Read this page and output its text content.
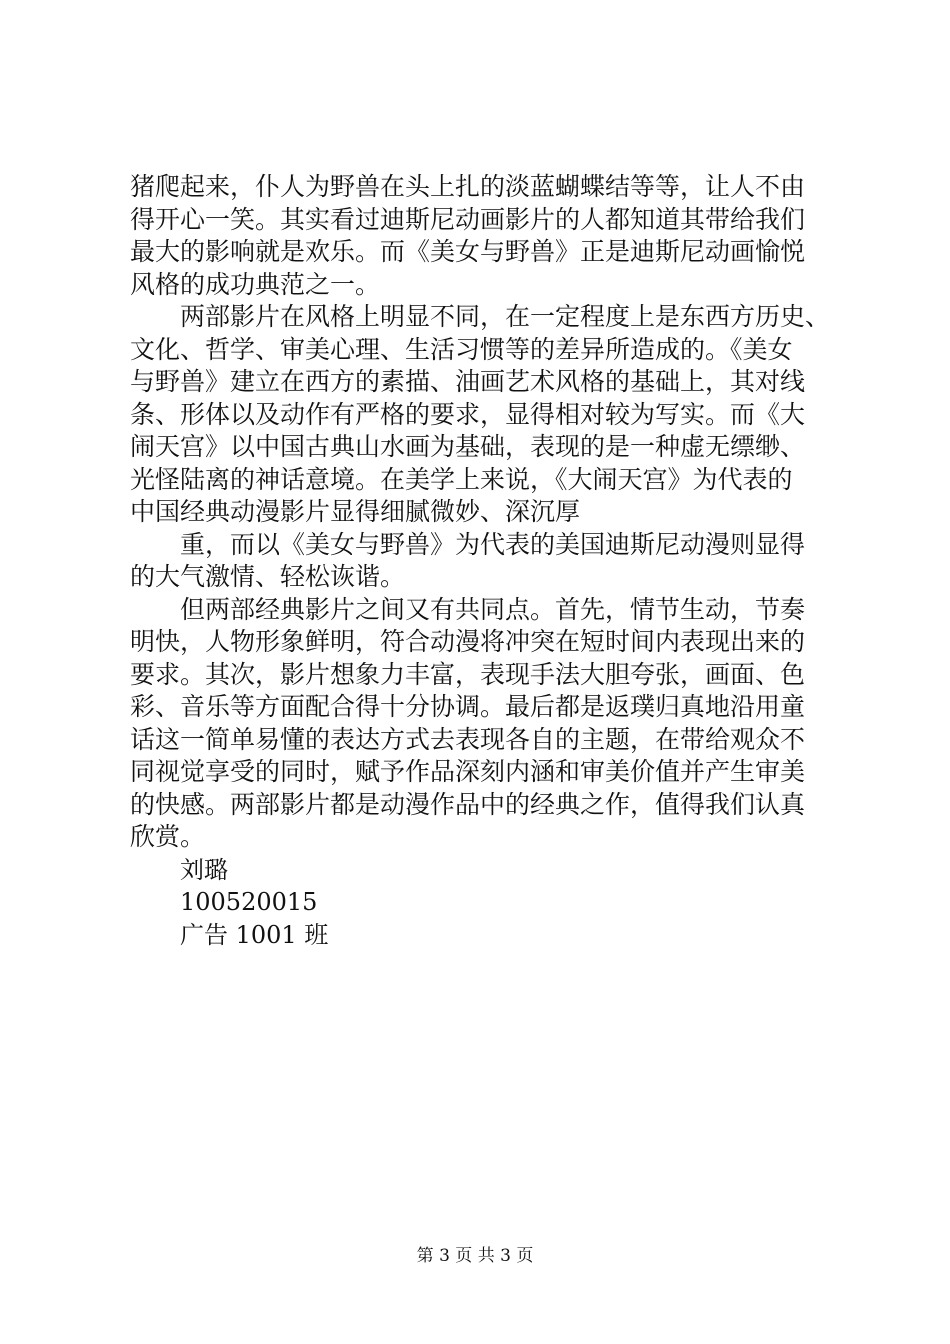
猪爬起来，仆人为野兽在头上扎的淡蓝蝴蝶结等等，让人不由
得开心一笑。其实看过迪斯尼动画影片的人都知道其带给我们
最大的影响就是欢乐。而《美女与野兽》正是迪斯尼动画愉悦
风格的成功典范之一。
两部影片在风格上明显不同，在一定程度上是东西方历史、
文化、哲学、审美心理、生活习惯等的差异所造成的。《美女
与野兽》建立在西方的素描、油画艺术风格的基础上，其对线
条、形体以及动作有严格的要求，显得相对较为写实。而《大
闹天宫》以中国古典山水画为基础，表现的是一种虚无缥缈、
光怪陆离的神话意境。在美学上来说，《大闹天宫》为代表的
中国经典动漫影片显得细腻微妙、深沉厚
重，而以《美女与野兽》为代表的美国迪斯尼动漫则显得
的大气激情、轻松诙谐。
但两部经典影片之间又有共同点。首先，情节生动，节奏
明快，人物形象鲜明，符合动漫将冲突在短时间内表现出来的
要求。其次，影片想象力丰富，表现手法大胆夸张，画面、色
彩、音乐等方面配合得十分协调。最后都是返璞归真地沿用童
话这一简单易懂的表达方式去表现各自的主题，在带给观众不
同视觉享受的同时，赋予作品深刻内涵和审美价值并产生审美
的快感。两部影片都是动漫作品中的经典之作，值得我们认真
欣赏。
刘璐
100520015
广告 1001 班
第 3 页 共 3 页
